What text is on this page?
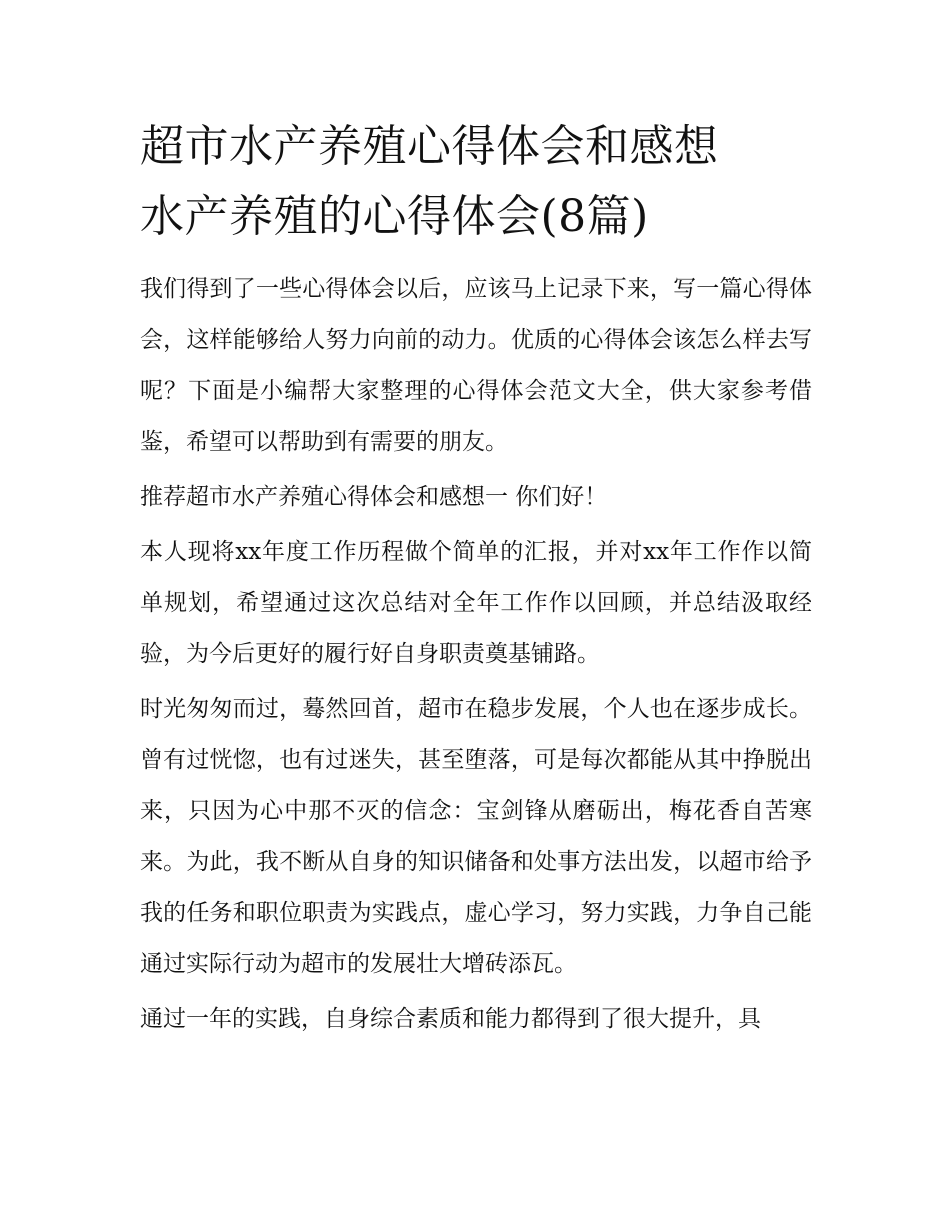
超市水产养殖心得体会和感想
水产养殖的心得体会(8篇)

我们得到了一些心得体会以后，应该马上记录下来，写一篇心得体会，这样能够给人努力向前的动力。优质的心得体会该怎么样去写呢？下面是小编帮大家整理的心得体会范文大全，供大家参考借鉴，希望可以帮助到有需要的朋友。

推荐超市水产养殖心得体会和感想一 你们好！

本人现将xx年度工作历程做个简单的汇报，并对xx年工作作以简单规划，希望通过这次总结对全年工作作以回顾，并总结汲取经验，为今后更好的履行好自身职责奠基铺路。

时光匆匆而过，蓦然回首，超市在稳步发展，个人也在逐步成长。曾有过恍惚，也有过迷失，甚至堕落，可是每次都能从其中挣脱出来，只因为心中那不灭的信念：宝剑锋从磨砺出，梅花香自苦寒来。为此，我不断从自身的知识储备和处事方法出发，以超市给予我的任务和职位职责为实践点，虚心学习，努力实践，力争自己能通过实际行动为超市的发展壮大增砖添瓦。

通过一年的实践，自身综合素质和能力都得到了很大提升，具
